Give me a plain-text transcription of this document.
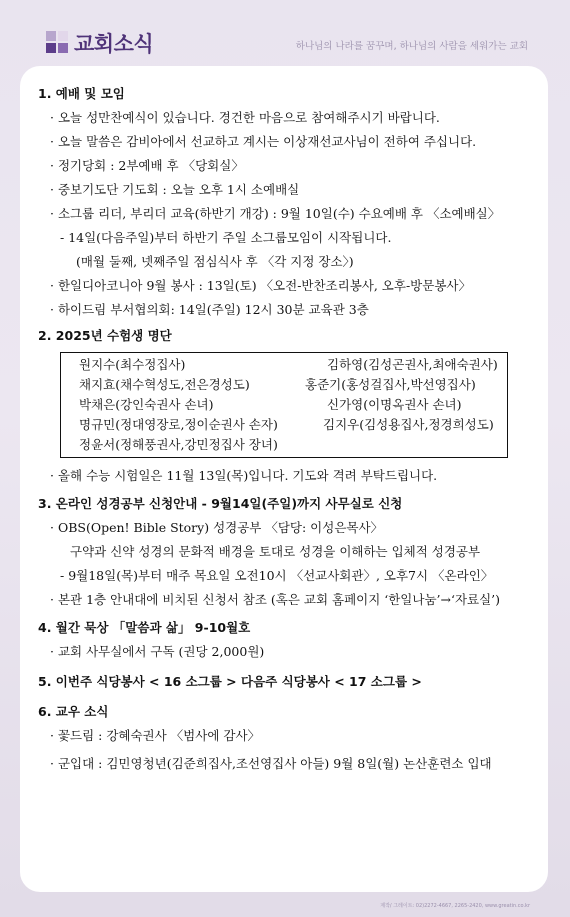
교회소식	하나님의 나라를 꿈꾸며, 하나님의 사람을 세워가는 교회
1. 예배 및 모임
· 오늘 성만찬예식이 있습니다. 경건한 마음으로 참여해주시기 바랍니다.
· 오늘 말씀은 감비아에서 선교하고 계시는 이상재선교사님이 전하여 주십니다.
· 정기당회 : 2부예배 후 〈당회실〉
· 중보기도단 기도회 : 오늘 오후 1시 소예배실
· 소그룹 리더, 부리더 교육(하반기 개강) : 9월 10일(수) 수요예배 후 〈소예배실〉
- 14일(다음주일)부터 하반기 주일 소그룹모임이 시작됩니다.
(매월 둘째, 넷째주일 점심식사 후 〈각 지정 장소〉)
· 한일디아코니아 9월 봉사 : 13일(토) 〈오전-반찬조리봉사, 오후-방문봉사〉
· 하이드림 부서협의회: 14일(주일) 12시 30분 교육관 3층
2. 2025년 수험생 명단
원지수(최수정집사)	김하영(김성곤권사,최애숙권사)
채지효(채수혁성도,전은경성도)	홍준기(홍성걸집사,박선영집사)
박채은(강인숙권사 손녀)	신가영(이명옥권사 손녀)
명규민(정대영장로,정이순권사 손자)	김지우(김성용집사,정경희성도)
정윤서(정해풍권사,강민정집사 장녀)
· 올해 수능 시험일은 11월 13일(목)입니다. 기도와 격려 부탁드립니다.
3. 온라인 성경공부 신청안내 - 9월14일(주일)까지 사무실로 신청
· OBS(Open! Bible Story) 성경공부 〈담당: 이성은목사〉
구약과 신약 성경의 문화적 배경을 토대로 성경을 이해하는 입체적 성경공부
- 9월18일(목)부터 매주 목요일 오전10시 〈선교사회관〉, 오후7시 〈온라인〉
· 본관 1층 안내대에 비치된 신청서 참조 (혹은 교회 홈페이지 ‘한일나눔’→‘자료실’)
4. 월간 묵상 「말씀과 삶」 9-10월호
· 교회 사무실에서 구독 (권당 2,000원)
5. 이번주 식당봉사 < 16 소그룹 > 다음주 식당봉사 < 17 소그룹 >
6. 교우 소식
· 꽃드림 : 강혜숙권사 〈범사에 감사〉
· 군입대 : 김민영청년(김준희집사,조선영집사 아들) 9월 8일(월) 논산훈련소 입대
제작/ 그레이트: 02)2272-4667, 2265-2420, www.greatin.co.kr
